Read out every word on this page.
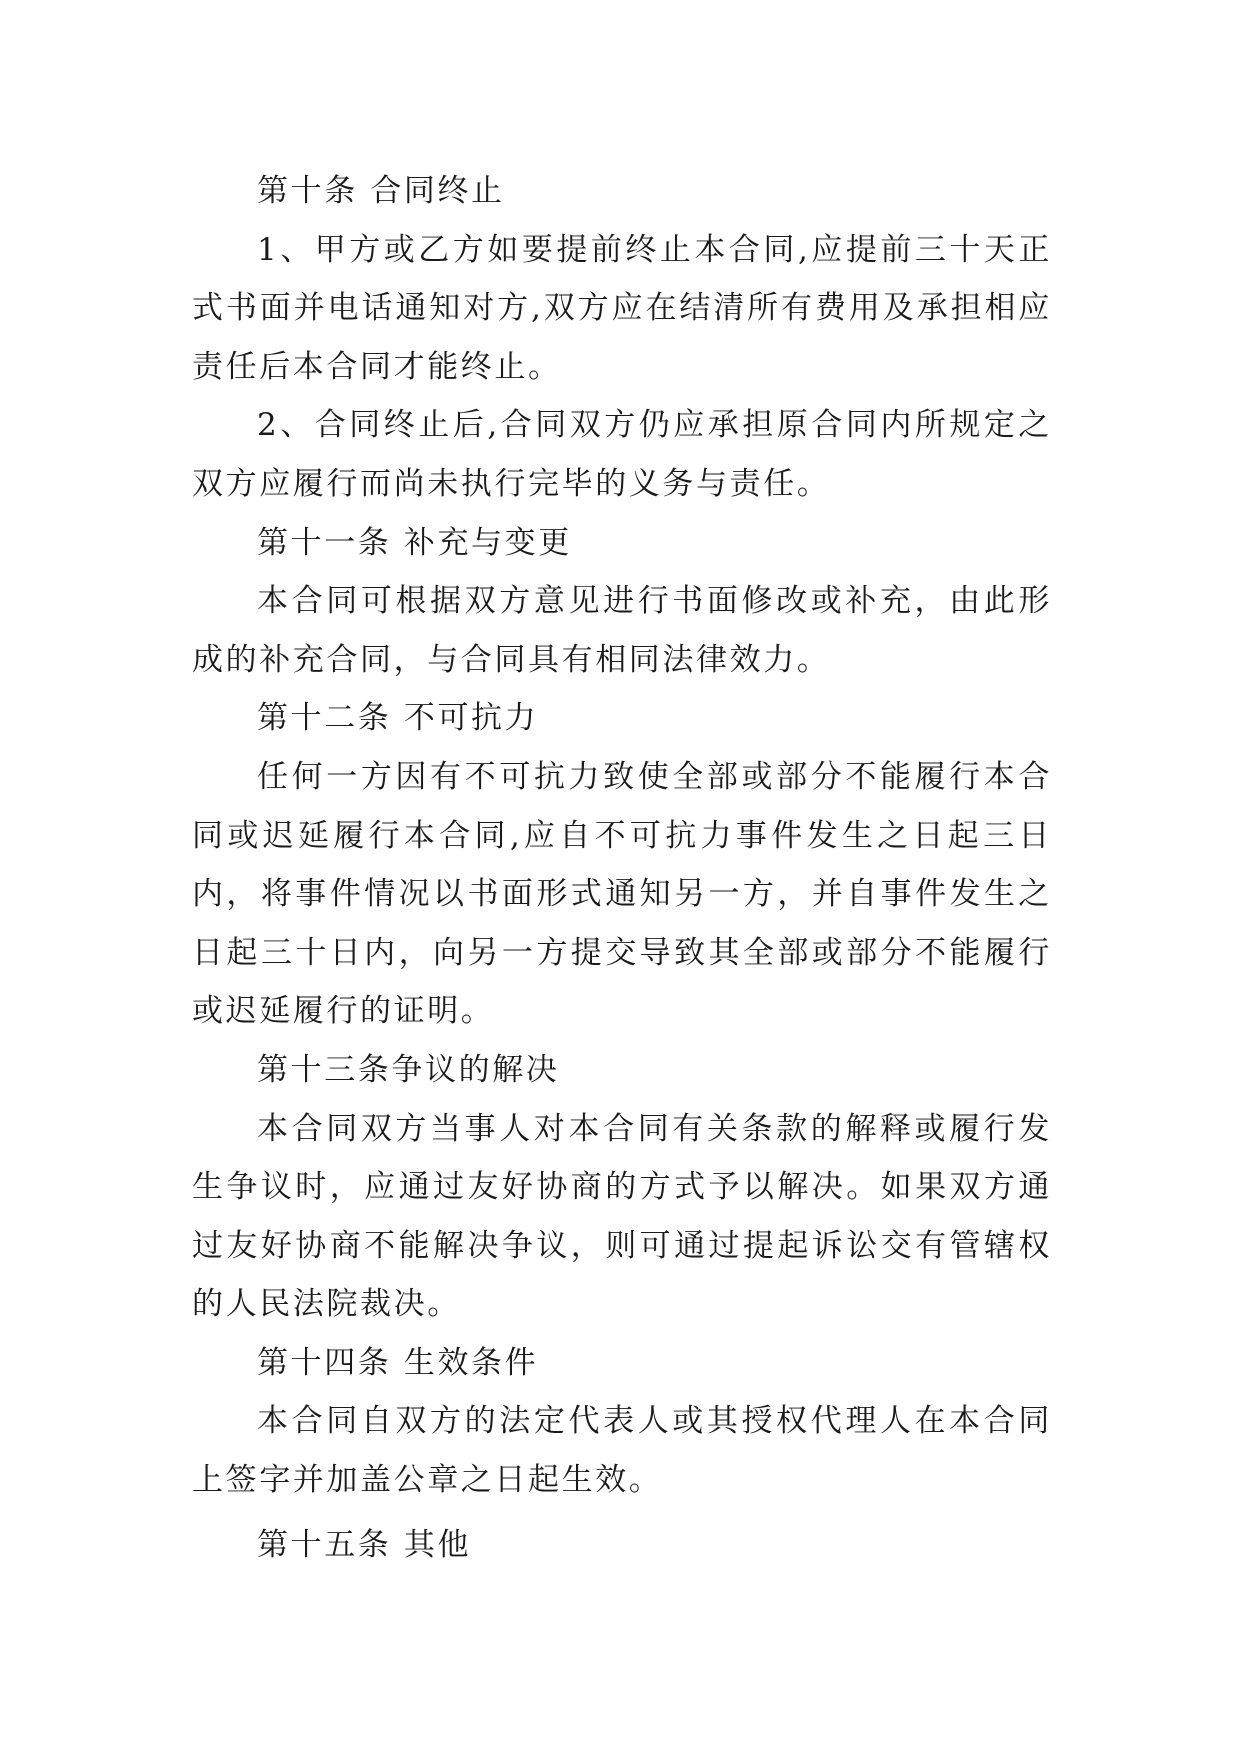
第十条 合同终止

1、甲方或乙方如要提前终止本合同,应提前三十天正式书面并电话通知对方,双方应在结清所有费用及承担相应责任后本合同才能终止。

2、合同终止后,合同双方仍应承担原合同内所规定之双方应履行而尚未执行完毕的义务与责任。

第十一条 补充与变更

本合同可根据双方意见进行书面修改或补充，由此形成的补充合同，与合同具有相同法律效力。

第十二条 不可抗力

任何一方因有不可抗力致使全部或部分不能履行本合同或迟延履行本合同,应自不可抗力事件发生之日起三日内，将事件情况以书面形式通知另一方，并自事件发生之日起三十日内，向另一方提交导致其全部或部分不能履行或迟延履行的证明。

第十三条争议的解决

本合同双方当事人对本合同有关条款的解释或履行发生争议时，应通过友好协商的方式予以解决。如果双方通过友好协商不能解决争议，则可通过提起诉讼交有管辖权的人民法院裁决。

第十四条 生效条件

本合同自双方的法定代表人或其授权代理人在本合同上签字并加盖公章之日起生效。

第十五条 其他
